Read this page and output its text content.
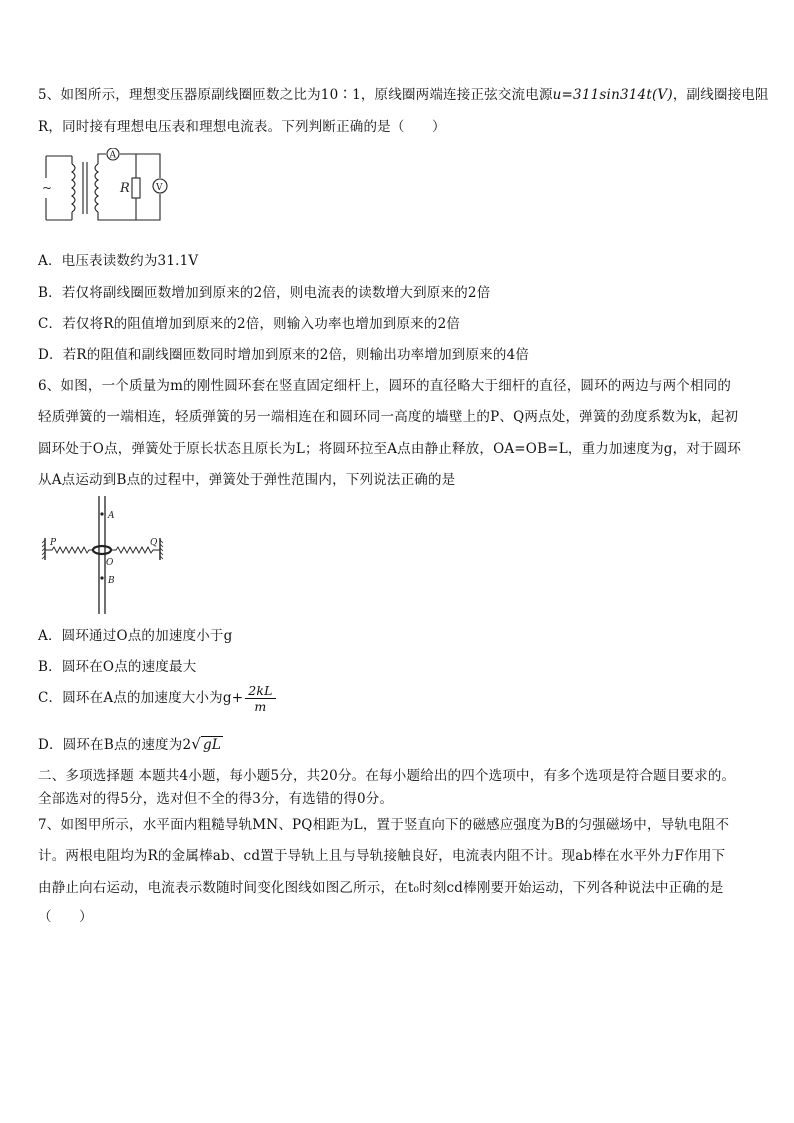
5、如图所示，理想变压器原副线圈匝数之比为10∶1，原线圈两端连接正弦交流电源u=311sin314t(V)，副线圈接电阻
R，同时接有理想电压表和理想电流表。下列判断正确的是（　　）
~
A
R	V
A．电压表读数约为31.1V
B．若仅将副线圈匝数增加到原来的2倍，则电流表的读数增大到原来的2倍
C．若仅将R的阻值增加到原来的2倍，则输入功率也增加到原来的2倍
D．若R的阻值和副线圈匝数同时增加到原来的2倍，则输出功率增加到原来的4倍
6、如图，一个质量为m的刚性圆环套在竖直固定细杆上，圆环的直径略大于细杆的直径，圆环的两边与两个相同的
轻质弹簧的一端相连，轻质弹簧的另一端相连在和圆环同一高度的墙壁上的P、Q两点处，弹簧的劲度系数为k，起初
圆环处于O点，弹簧处于原长状态且原长为L；将圆环拉至A点由静止释放，OA=OB=L，重力加速度为g，对于圆环
从A点运动到B点的过程中，弹簧处于弹性范围内，下列说法正确的是
A
P	Q
O
B
A．圆环通过O点的加速度小于g
B．圆环在O点的速度最大
C．圆环在A点的加速度大小为$g+ \frac{2kL}{m}$
D．圆环在B点的速度为2√ gL
二、多项选择题 本题共4小题，每小题5分，共20分。在每小题给出的四个选项中，有多个选项是符合题目要求的。
全部选对的得5分，选对但不全的得3分，有选错的得0分。
7、如图甲所示，水平面内粗糙导轨MN、PQ相距为L，置于竖直向下的磁感应强度为B的匀强磁场中，导轨电阻不
计。两根电阻均为R的金属棒ab、cd置于导轨上且与导轨接触良好，电流表内阻不计。现ab棒在水平外力F作用下
由静止向右运动，电流表示数随时间变化图线如图乙所示，在t₀时刻cd棒刚要开始运动，下列各种说法中正确的是
（　　）
